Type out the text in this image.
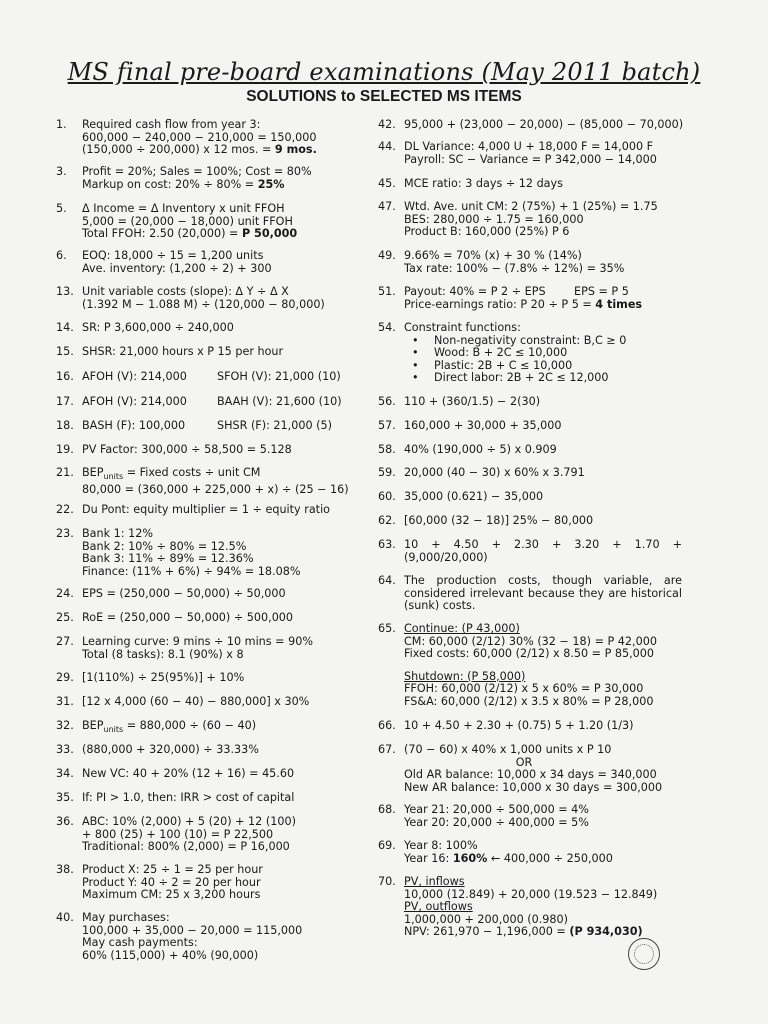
MS final pre-board examinations (May 2011 batch)
SOLUTIONS to SELECTED MS ITEMS
1.	Required cash flow from year 3:
600,000 − 240,000 − 210,000 = 150,000
(150,000 ÷ 200,000) x 12 mos. = 9 mos.
3.	Profit = 20%; Sales = 100%; Cost = 80%
Markup on cost: 20% ÷ 80% = 25%
5.	Δ Income = Δ Inventory x unit FFOH
5,000 = (20,000 − 18,000) unit FFOH
Total FFOH: 2.50 (20,000) = P 50,000
6.	EOQ: 18,000 ÷ 15 = 1,200 units
Ave. inventory: (1,200 ÷ 2) + 300
13. Unit variable costs (slope): Δ Y ÷ Δ X
(1.392 M − 1.088 M) ÷ (120,000 − 80,000)
14. SR: P 3,600,000 ÷ 240,000
15. SHSR: 21,000 hours x P 15 per hour
16. AFOH (V): 214,000	SFOH (V): 21,000 (10)
17. AFOH (V): 214,000	BAAH (V): 21,600 (10)
18. BASH (F): 100,000	SHSR (F): 21,000 (5)
19. PV Factor: 300,000 ÷ 58,500 = 5.128
21. $BEP_{units}$ = Fixed costs ÷ unit CM
80,000 = (360,000 + 225,000 + x) ÷ (25 − 16)
22. Du Pont: equity multiplier = 1 ÷ equity ratio
23. Bank 1: 12%
Bank 2: 10% ÷ 80% = 12.5%
Bank 3: 11% ÷ 89% = 12.36%
Finance: (11% + 6%) ÷ 94% = 18.08%
24. EPS = (250,000 − 50,000) ÷ 50,000
25. RoE = (250,000 − 50,000) ÷ 500,000
27. Learning curve: 9 mins ÷ 10 mins = 90%
Total (8 tasks): 8.1 (90%) x 8
29. [1(110%) ÷ 25(95%)] + 10%
31. [12 x 4,000 (60 − 40) − 880,000] x 30%
32. $BEP_{units} = 880,000 \div (60 - 40)$
33. (880,000 + 320,000) ÷ 33.33%
34. New VC: 40 + 20% (12 + 16) = 45.60
35. If: PI > 1.0, then: IRR > cost of capital
36. ABC: 10% (2,000) + 5 (20) + 12 (100)
+ 800 (25) + 100 (10) = P 22,500
Traditional: 800% (2,000) = P 16,000
38. Product X: 25 ÷ 1 = 25 per hour
Product Y: 40 ÷ 2 = 20 per hour
Maximum CM: 25 x 3,200 hours
40. May purchases:
100,000 + 35,000 − 20,000 = 115,000
May cash payments:
60% (115,000) + 40% (90,000)
42. 95,000 + (23,000 − 20,000) − (85,000 − 70,000)
44. DL Variance: 4,000 U + 18,000 F = 14,000 F
Payroll: SC − Variance = P 342,000 − 14,000
45. MCE ratio: 3 days ÷ 12 days
47. Wtd. Ave. unit CM: 2 (75%) + 1 (25%) = 1.75
BES: 280,000 ÷ 1.75 = 160,000
Product B: 160,000 (25%) P 6
49. 9.66% = 70% (x) + 30 % (14%)
Tax rate: 100% − (7.8% ÷ 12%) = 35%
51. Payout: 40% = P 2 ÷ EPS	EPS = P 5
Price-earnings ratio: P 20 ÷ P 5 = 4 times
54. Constraint functions:
• Non-negativity constraint: B,C ≥ 0
• Wood: B + 2C ≤ 10,000
• Plastic: 2B + C ≤ 10,000
• Direct labor: 2B + 2C ≤ 12,000
56. 110 + (360/1.5) − 2(30)
57. 160,000 + 30,000 + 35,000
58. 40% (190,000 ÷ 5) x 0.909
59. 20,000 (40 − 30) x 60% x 3.791
60. 35,000 (0.621) − 35,000
62. [60,000 (32 − 18)] 25% − 80,000
63. 10 + 4.50 + 2.30 + 3.20 + 1.70 + (9,000/20,000)
64. The production costs, though variable, are considered irrelevant because they are historical (sunk) costs.
65. Continue: (P 43,000)
CM: 60,000 (2/12) 30% (32 − 18) = P 42,000
Fixed costs: 60,000 (2/12) x 8.50 = P 85,000
Shutdown: (P 58,000)
FFOH: 60,000 (2/12) x 5 x 60% = P 30,000
FS&A: 60,000 (2/12) x 3.5 x 80% = P 28,000
66. 10 + 4.50 + 2.30 + (0.75) 5 + 1.20 (1/3)
67. (70 − 60) x 40% x 1,000 units x P 10
OR
Old AR balance: 10,000 x 34 days = 340,000
New AR balance: 10,000 x 30 days = 300,000
68. Year 21: 20,000 ÷ 500,000 = 4%
Year 20: 20,000 ÷ 400,000 = 5%
69. Year 8: 100%
Year 16: 160% ← 400,000 ÷ 250,000
70. PV, inflows
10,000 (12.849) + 20,000 (19.523 − 12.849)
PV, outflows
1,000,000 + 200,000 (0.980)
NPV: 261,970 − 1,196,000 = (P 934,030)
